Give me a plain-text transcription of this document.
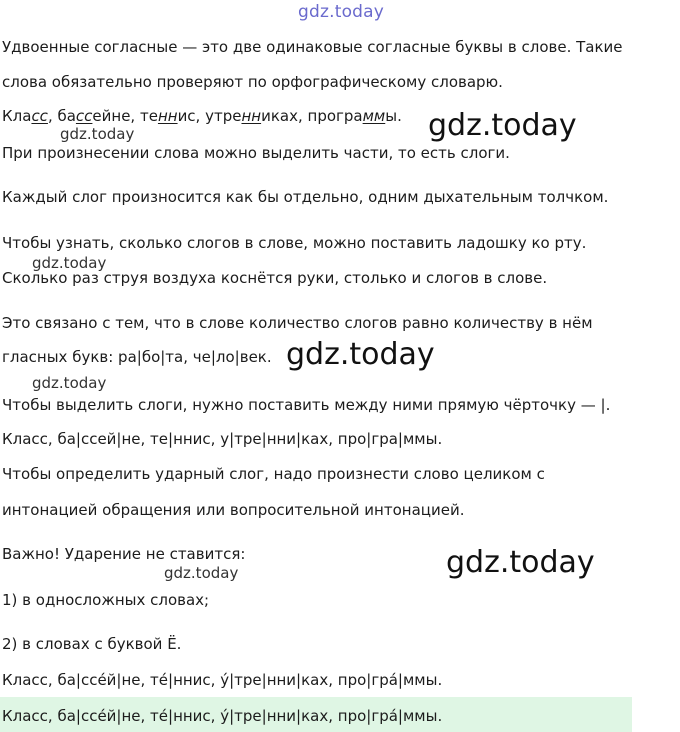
gdz.today
Удвоенные согласные — это две одинаковые согласные буквы в слове. Такие
слова обязательно проверяют по орфографическому словарю.
Класс, бассейне, теннис, утренниках, программы. gdz.today
gdz.today
При произнесении слова можно выделить части, то есть слоги.
Каждый слог произносится как бы отдельно, одним дыхательным толчком.
Чтобы узнать, сколько слогов в слове, можно поставить ладошку ко рту.
gdz.today
Сколько раз струя воздуха коснётся руки, столько и слогов в слове.
Это связано с тем, что в слове количество слогов равно количеству в нём
гласных букв: ра|бо|та, че|ло|век. gdz.today
gdz.today
Чтобы выделить слоги, нужно поставить между ними прямую чёрточку — |.
Класс, ба|ссей|не, те|ннис, у|тре|нни|ках, про|гра|ммы.
Чтобы определить ударный слог, надо произнести слово целиком с
интонацией обращения или вопросительной интонацией.
Важно! Ударение не ставится:	gdz.today
gdz.today
1) в односложных словах;
2) в словах с буквой Ё.
Класс, ба|ссе́й|не, те́|ннис, у́|тре|нни|ках, про|гра́|ммы.
Класс, ба|ссе́й|не, те́|ннис, у́|тре|нни|ках, про|гра́|ммы.
